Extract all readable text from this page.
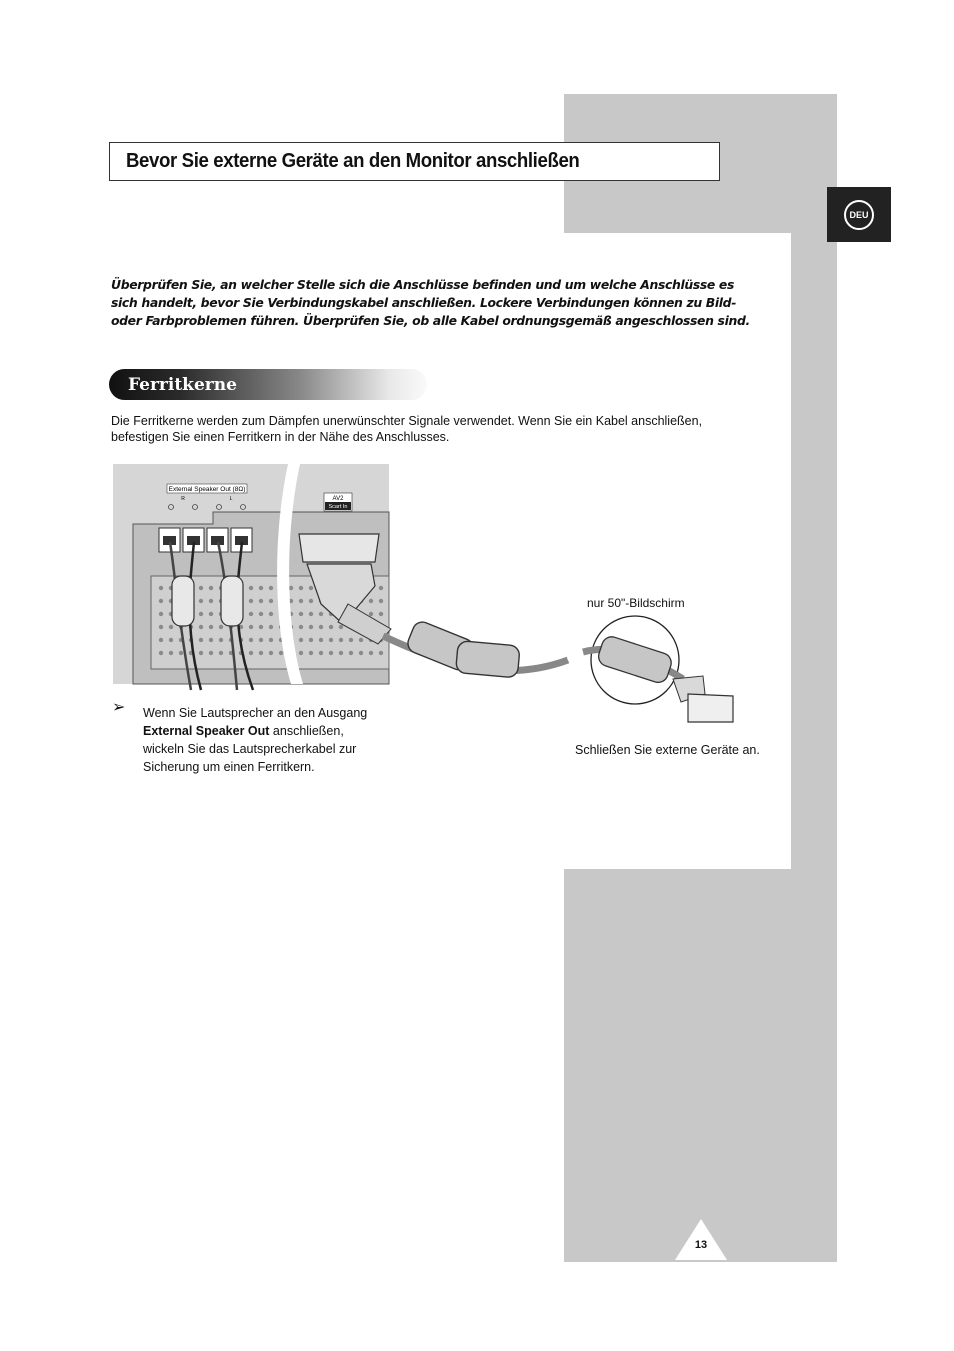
DEU
Bevor Sie externe Geräte an den Monitor anschließen

Überprüfen Sie, an welcher Stelle sich die Anschlüsse befinden und um welche Anschlüsse es sich handelt, bevor Sie Verbindungskabel anschließen. Lockere Verbindungen können zu Bild- oder Farbproblemen führen. Überprüfen Sie, ob alle Kabel ordnungsgemäß angeschlossen sind.

Ferritkerne

Die Ferritkerne werden zum Dämpfen unerwünschter Signale verwendet. Wenn Sie ein Kabel anschließen, befestigen Sie einen Ferritkern in der Nähe des Anschlusses.

External Speaker Out (8Ω)
R	L	AV2
Scart In
➢ Wenn Sie Lautsprecher an den Ausgang
External Speaker Out anschließen,
wickeln Sie das Lautsprecherkabel zur
Sicherung um einen Ferritkern.

nur 50"-Bildschirm
Schließen Sie externe Geräte an.
13
